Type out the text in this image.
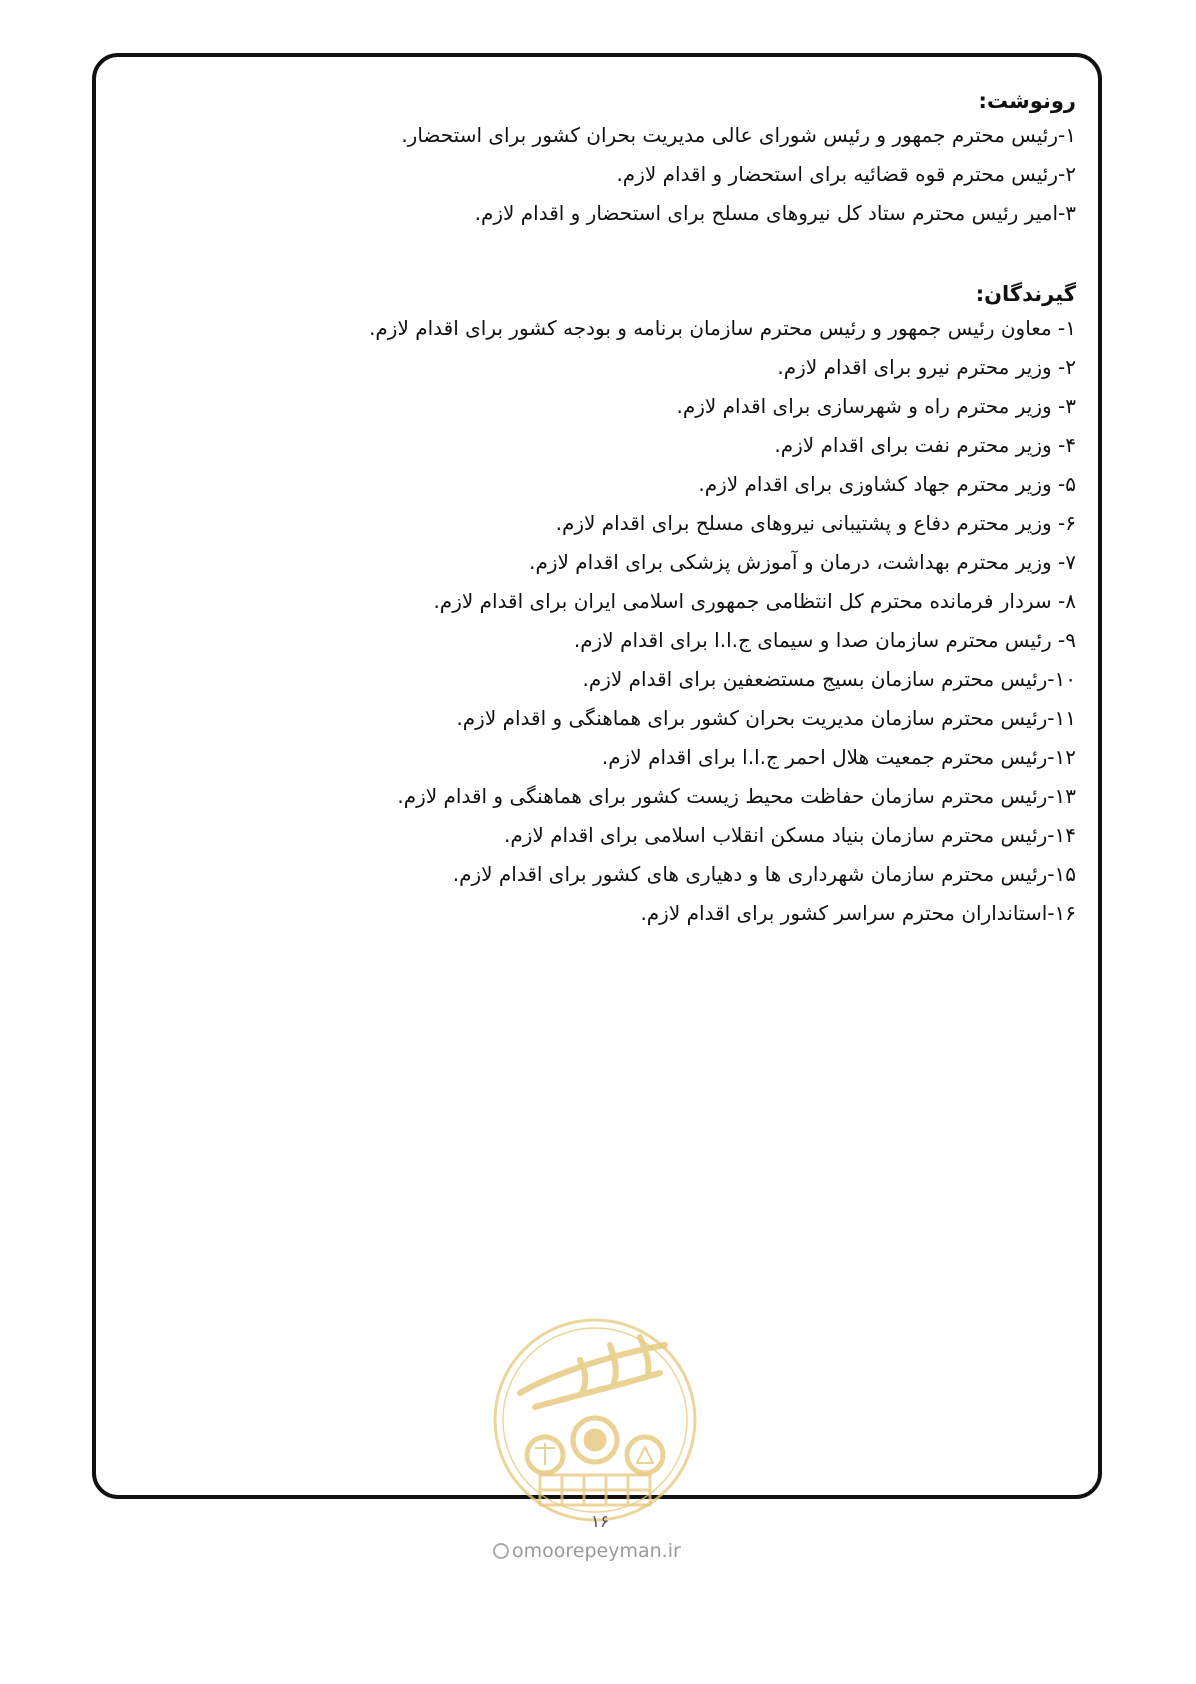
رونوشت:

۱-رئیس محترم جمهور و رئیس شورای عالی مدیریت بحران کشور برای استحضار.

۲-رئیس محترم قوه قضائیه برای استحضار و اقدام لازم.

۳-امیر رئیس محترم ستاد کل نیروهای مسلح برای استحضار و اقدام لازم.

گیرندگان:

۱- معاون رئیس جمهور و رئیس محترم سازمان برنامه و بودجه کشور برای اقدام لازم.

۲- وزیر محترم نیرو برای اقدام لازم.

۳- وزیر محترم راه و شهرسازی برای اقدام لازم.

۴- وزیر محترم نفت برای اقدام لازم.

۵- وزیر محترم جهاد کشاوزی برای اقدام لازم.

۶- وزیر محترم دفاع و پشتیبانی نیروهای مسلح برای اقدام لازم.

۷- وزیر محترم بهداشت، درمان و آموزش پزشکی برای اقدام لازم.

۸- سردار فرمانده محترم کل انتظامی جمهوری اسلامی ایران برای اقدام لازم.

۹- رئیس محترم سازمان صدا و سیمای ج.ا.ا برای اقدام لازم.

۱۰-رئیس محترم سازمان بسیج مستضعفین برای اقدام لازم.

۱۱-رئیس محترم سازمان مدیریت بحران کشور برای هماهنگی و اقدام لازم.

۱۲-رئیس محترم جمعیت هلال احمر ج.ا.ا برای اقدام لازم.

۱۳-رئیس محترم سازمان حفاظت محیط زیست کشور برای هماهنگی و اقدام لازم.

۱۴-رئیس محترم سازمان بنیاد مسکن انقلاب اسلامی برای اقدام لازم.

۱۵-رئیس محترم سازمان شهرداری ها و دهیاری های کشور برای اقدام لازم.

۱۶-استانداران محترم سراسر کشور برای اقدام لازم.

۱۶
omoorepeyman.ir
